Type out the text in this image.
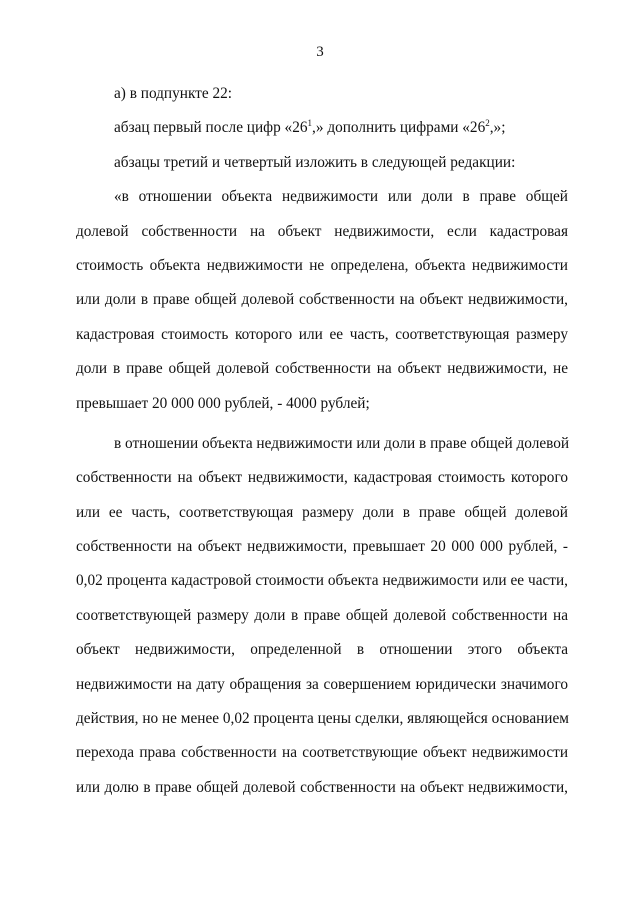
3
а) в подпункте 22:
абзац первый после цифр «$26^1$,» дополнить цифрами «$26^2$,»;
абзацы третий и четвертый изложить в следующей редакции:
«в отношении объекта недвижимости или доли в праве общей
долевой собственности на объект недвижимости, если кадастровая
стоимость объекта недвижимости не определена, объекта недвижимости
или доли в праве общей долевой собственности на объект недвижимости,
кадастровая стоимость которого или ее часть, соответствующая размеру
доли в праве общей долевой собственности на объект недвижимости, не
превышает 20 000 000 рублей, - 4000 рублей;
в отношении объекта недвижимости или доли в праве общей долевой
собственности на объект недвижимости, кадастровая стоимость которого
или ее часть, соответствующая размеру доли в праве общей долевой
собственности на объект недвижимости, превышает 20 000 000 рублей, -
0,02 процента кадастровой стоимости объекта недвижимости или ее части,
соответствующей размеру доли в праве общей долевой собственности на
объект недвижимости, определенной в отношении этого объекта
недвижимости на дату обращения за совершением юридически значимого
действия, но не менее 0,02 процента цены сделки, являющейся основанием
перехода права собственности на соответствующие объект недвижимости
или долю в праве общей долевой собственности на объект недвижимости,
